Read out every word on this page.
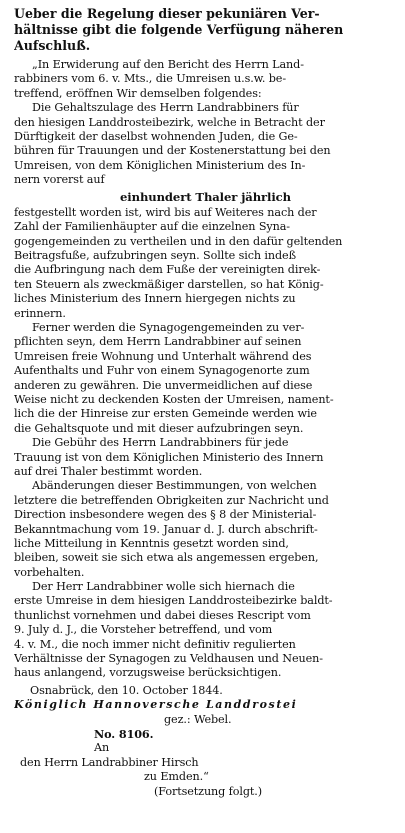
Ueber die Regelung dieser pekuniären Ver-
hältnisse gibt die folgende Verfügung näheren
Aufschluß.
„In Erwiderung auf den Bericht des Herrn Land-
rabbiners vom 6. v. Mts., die Umreisen u.s.w. be-
treffend, eröffnen Wir demselben folgendes:
Die Gehaltszulage des Herrn Landrabbiners für
den hiesigen Landdrosteibezirk, welche in Betracht der
Dürftigkeit der daselbst wohnenden Juden, die Ge-
bühren für Trauungen und der Kostenerstattung bei den
Umreisen, von dem Königlichen Ministerium des In-
nern vorerst auf
einhundert Thaler jährlich
festgestellt worden ist, wird bis auf Weiteres nach der
Zahl der Familienhäupter auf die einzelnen Syna-
gogengemeinden zu vertheilen und in den dafür geltenden
Beitragsfuße, aufzubringen seyn. Sollte sich indeß
die Aufbringung nach dem Fuße der vereinigten direk-
ten Steuern als zweckmäßiger darstellen, so hat König-
liches Ministerium des Innern hiergegen nichts zu
erinnern.
Ferner werden die Synagogengemeinden zu ver-
pflichten seyn, dem Herrn Landrabbiner auf seinen
Umreisen freie Wohnung und Unterhalt während des
Aufenthalts und Fuhr von einem Synagogenorte zum
anderen zu gewähren. Die unvermeidlichen auf diese
Weise nicht zu deckenden Kosten der Umreisen, nament-
lich die der Hinreise zur ersten Gemeinde werden wie
die Gehaltsquote und mit dieser aufzubringen seyn.
Die Gebühr des Herrn Landrabbiners für jede
Trauung ist von dem Königlichen Ministerio des Innern
auf drei Thaler bestimmt worden.
Abänderungen dieser Bestimmungen, von welchen
letztere die betreffenden Obrigkeiten zur Nachricht und
Direction insbesondere wegen des § 8 der Ministerial-
Bekanntmachung vom 19. Januar d. J. durch abschrift-
liche Mitteilung in Kenntnis gesetzt worden sind,
bleiben, soweit sie sich etwa als angemessen ergeben,
vorbehalten.
Der Herr Landrabbiner wolle sich hiernach die
erste Umreise in dem hiesigen Landdrosteibezirke baldt-
thunlichst vornehmen und dabei dieses Rescript vom
9. July d. J., die Vorsteher betreffend, und vom
4. v. M., die noch immer nicht definitiv regulierten
Verhältnisse der Synagogen zu Veldhausen und Neuen-
haus anlangend, vorzugsweise berücksichtigen.
Osnabrück, den 10. October 1844.
Königlich Hannoversche Landdrostei
gez.: Webel.
No. 8106.
An
den Herrn Landrabbiner Hirsch
zu Emden.“
(Fortsetzung folgt.)
